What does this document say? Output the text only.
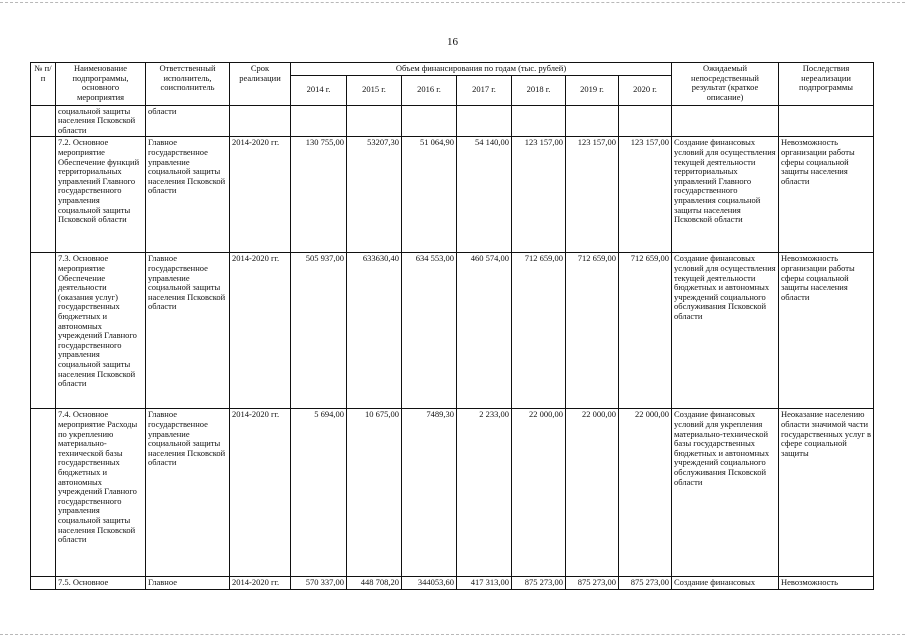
16
№ п/п	Наименование подпрограммы, основного мероприятия	Ответственный исполнитель, соисполнитель	Срок реализации	Объем финансирования по годам (тыс. рублей)							Ожидаемый непосредственный результат (краткое описание)	Последствия нереализации подпрограммы
				2014 г.	2015 г.	2016 г.	2017 г.	2018 г.	2019 г.	2020 г.		
	социальной защиты населения Псковской области	области										
	7.2. Основное мероприятие Обеспечение функций территориальных управлений Главного государственного управления социальной защиты Псковской области	Главное государственное управление социальной защиты населения Псковской области	2014-2020 гг.	130 755,00	53207,30	51 064,90	54 140,00	123 157,00	123 157,00	123 157,00	Создание финансовых условий для осуществления текущей деятельности территориальных управлений Главного государственного управления социальной защиты населения Псковской области	Невозможность организации работы сферы социальной защиты населения области
	7.3. Основное мероприятие Обеспечение деятельности (оказания услуг) государственных бюджетных и автономных учреждений Главного государственного управления социальной защиты населения Псковской области	Главное государственное управление социальной защиты населения Псковской области	2014-2020 гг.	505 937,00	633630,40	634 553,00	460 574,00	712 659,00	712 659,00	712 659,00	Создание финансовых условий для осуществления текущей деятельности бюджетных и автономных учреждений социального обслуживания Псковской области	Невозможность организации работы сферы социальной защиты населения области
	7.4. Основное мероприятие Расходы по укреплению материально-технической базы государственных бюджетных и автономных учреждений Главного государственного управления социальной защиты населения Псковской области	Главное государственное управление социальной защиты населения Псковской области	2014-2020 гг.	5 694,00	10 675,00	7489,30	2 233,00	22 000,00	22 000,00	22 000,00	Создание финансовых условий для укрепления материально-технической базы государственных бюджетных и автономных учреждений социального обслуживания Псковской области	Неоказание населению области значимой части государственных услуг в сфере социальной защиты
	7.5. Основное	Главное	2014-2020 гг.	570 337,00	448 708,20	344053,60	417 313,00	875 273,00	875 273,00	875 273,00	Создание финансовых	Невозможность
